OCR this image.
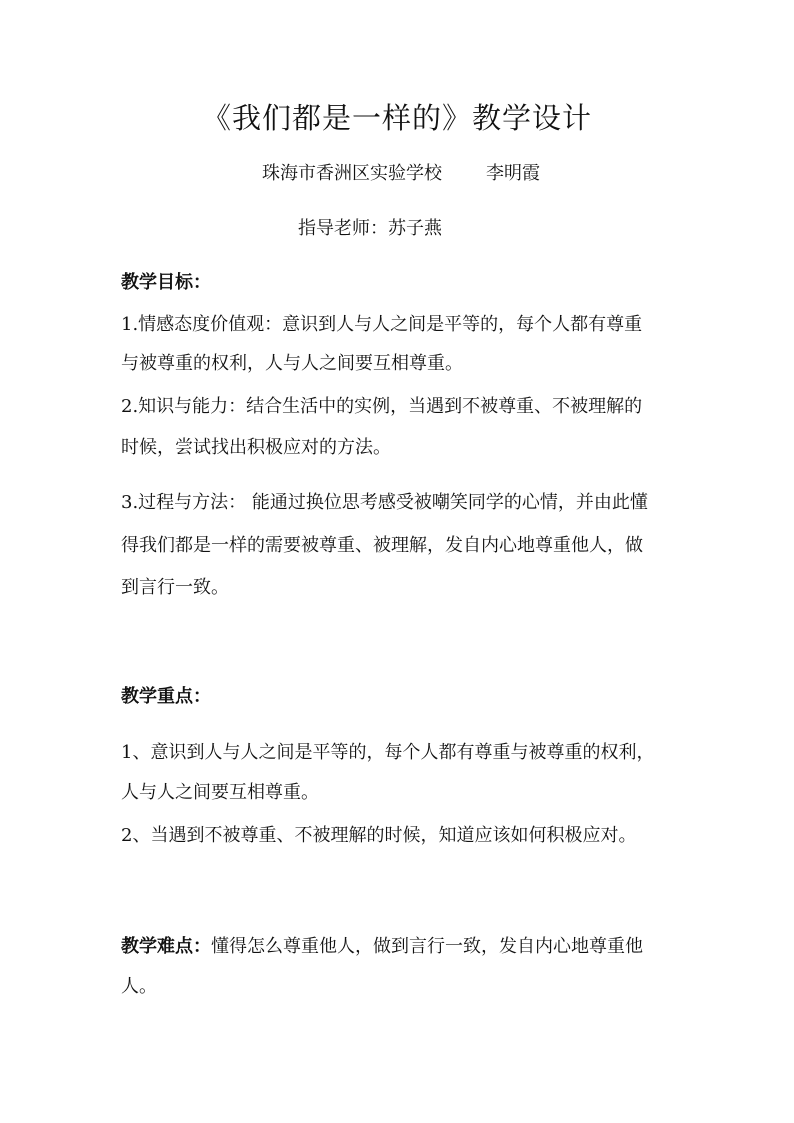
《我们都是一样的》教学设计
珠海市香洲区实验学校 李明霞
指导老师：苏子燕
教学目标：
1.情感态度价值观：意识到人与人之间是平等的，每个人都有尊重
与被尊重的权利，人与人之间要互相尊重。
2.知识与能力：结合生活中的实例，当遇到不被尊重、不被理解的
时候，尝试找出积极应对的方法。
3.过程与方法： 能通过换位思考感受被嘲笑同学的心情，并由此懂
得我们都是一样的需要被尊重、被理解，发自内心地尊重他人，做
到言行一致。
教学重点：
1、意识到人与人之间是平等的，每个人都有尊重与被尊重的权利，
人与人之间要互相尊重。
2、当遇到不被尊重、不被理解的时候，知道应该如何积极应对。
教学难点：懂得怎么尊重他人，做到言行一致，发自内心地尊重他
人。
